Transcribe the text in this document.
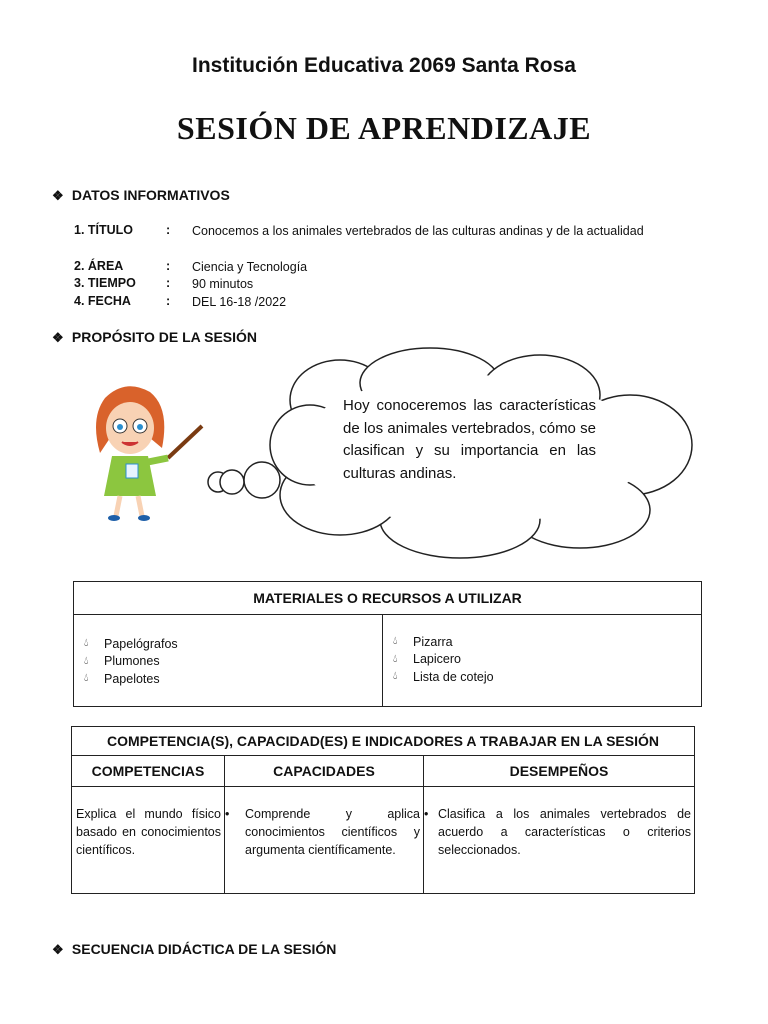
Institución Educativa 2069 Santa Rosa
SESIÓN DE APRENDIZAJE
❖ DATOS INFORMATIVOS
1. TÍTULO	:	Conocemos a los animales vertebrados de las culturas andinas y de la actualidad
2. ÁREA	:	Ciencia y Tecnología
3. TIEMPO	:	90 minutos
4. FECHA	:	DEL 16-18 /2022
❖ PROPÓSITO DE LA SESIÓN
Hoy conoceremos las características de los animales vertebrados, cómo se clasifican y su importancia en las culturas andinas.
MATERIALES O RECURSOS A UTILIZAR

💧︎	Papelógrafos
💧︎	Plumones
💧︎	Papelotes

💧︎	Pizarra
💧︎	Lapicero
💧︎	Lista de cotejo
COMPETENCIA(S), CAPACIDAD(ES) E INDICADORES A TRABAJAR EN LA SESIÓN		
COMPETENCIAS	CAPACIDADES	DESEMPEÑOS
Explica el mundo físico basado en conocimientos científicos.	• Comprende y aplica conocimientos científicos y argumenta científicamente.	• Clasifica a los animales vertebrados de acuerdo a características o criterios seleccionados.
❖ SECUENCIA DIDÁCTICA DE LA SESIÓN
